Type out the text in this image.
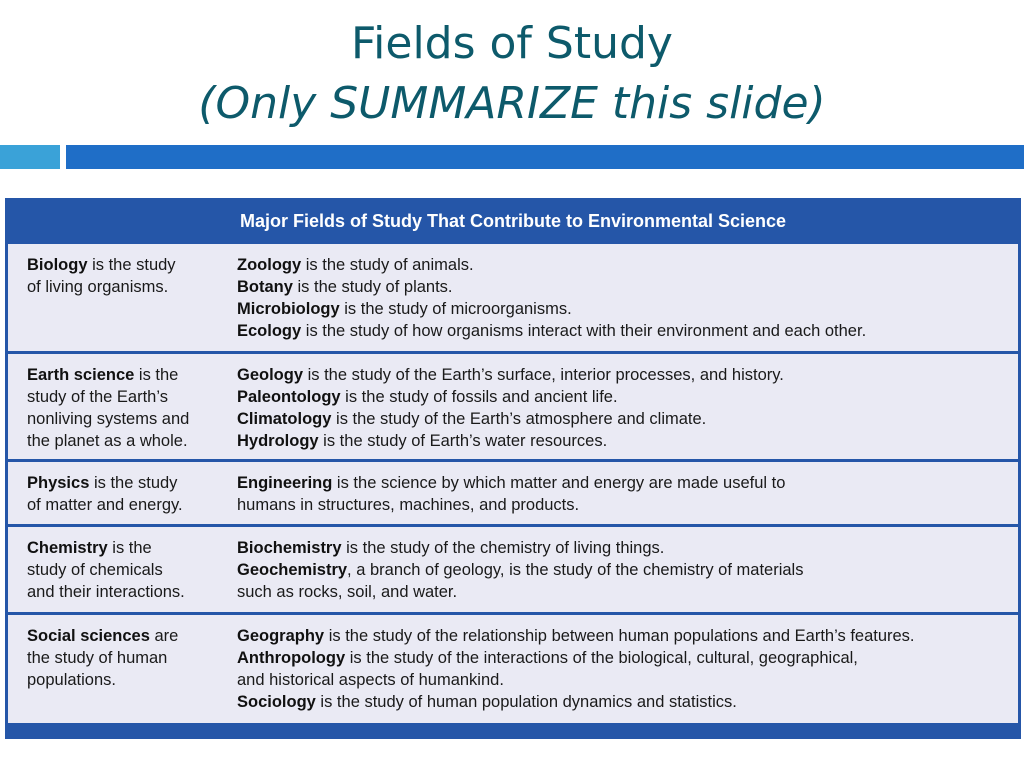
Fields of Study
(Only SUMMARIZE this slide)
Major Fields of Study That Contribute to Environmental Science
Biology is the study
of living organisms.
Zoology is the study of animals.
Botany is the study of plants.
Microbiology is the study of microorganisms.
Ecology is the study of how organisms interact with their environment and each other.
Earth science is the
study of the Earth’s
nonliving systems and
the planet as a whole.
Geology is the study of the Earth’s surface, interior processes, and history.
Paleontology is the study of fossils and ancient life.
Climatology is the study of the Earth’s atmosphere and climate.
Hydrology is the study of Earth’s water resources.
Physics is the study
of matter and energy.
Engineering is the science by which matter and energy are made useful to
humans in structures, machines, and products.
Chemistry is the
study of chemicals
and their interactions.
Biochemistry is the study of the chemistry of living things.
Geochemistry, a branch of geology, is the study of the chemistry of materials
such as rocks, soil, and water.
Social sciences are
the study of human
populations.
Geography is the study of the relationship between human populations and Earth’s features.
Anthropology is the study of the interactions of the biological, cultural, geographical,
and historical aspects of humankind.
Sociology is the study of human population dynamics and statistics.
